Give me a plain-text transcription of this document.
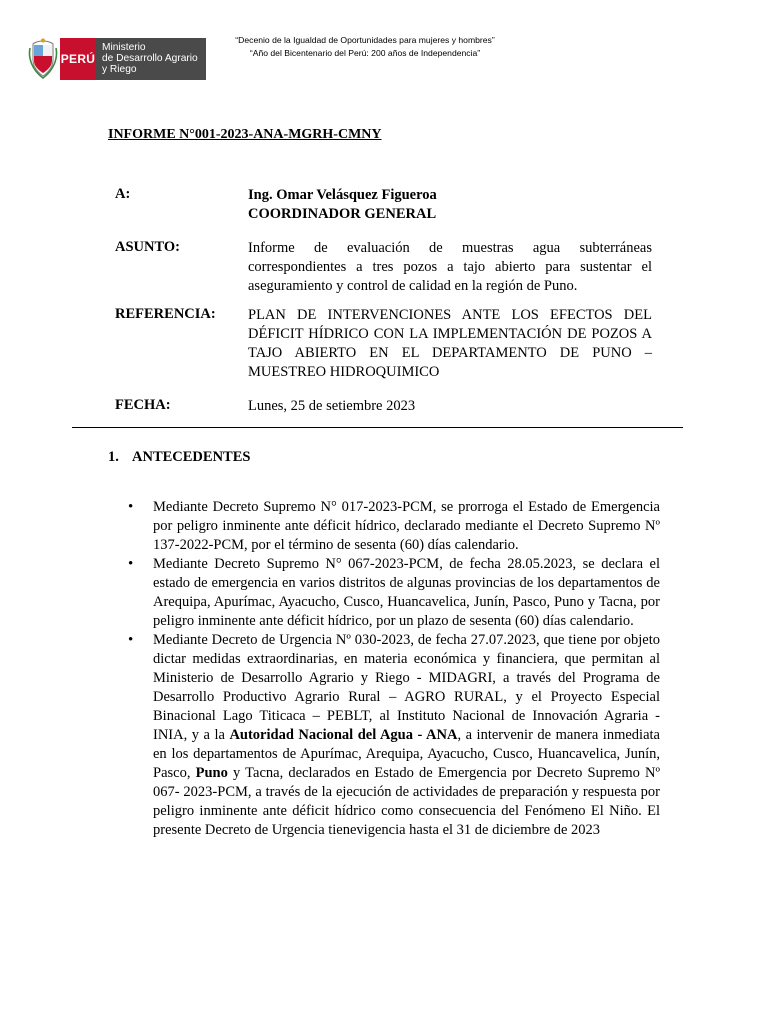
PERÚ
Ministerio
de Desarrollo Agrario
y Riego
“Decenio de la Igualdad de Oportunidades para mujeres y hombres”
“Año del Bicentenario del Perú: 200 años de Independencia”
INFORME N°001-2023-ANA-MGRH-CMNY
A:	Ing. Omar Velásquez Figueroa
COORDINADOR GENERAL
ASUNTO:	Informe de evaluación de muestras agua subterráneas correspondientes a tres pozos a tajo abierto para sustentar el aseguramiento y control de calidad en la región de Puno.
REFERENCIA: PLAN DE INTERVENCIONES ANTE LOS EFECTOS DEL DÉFICIT HÍDRICO CON LA IMPLEMENTACIÓN DE POZOS A TAJO ABIERTO EN EL DEPARTAMENTO DE PUNO – MUESTREO HIDROQUIMICO
FECHA:	Lunes, 25 de setiembre 2023
1. ANTECEDENTES
• Mediante Decreto Supremo N° 017-2023-PCM, se prorroga el Estado de Emergencia por peligro inminente ante déficit hídrico, declarado mediante el Decreto Supremo Nº 137-2022-PCM, por el término de sesenta (60) días calendario.
• Mediante Decreto Supremo N° 067-2023-PCM, de fecha 28.05.2023, se declara el estado de emergencia en varios distritos de algunas provincias de los departamentos de Arequipa, Apurímac, Ayacucho, Cusco, Huancavelica, Junín, Pasco, Puno y Tacna, por peligro inminente ante déficit hídrico, por un plazo de sesenta (60) días calendario.
• Mediante Decreto de Urgencia Nº 030-2023, de fecha 27.07.2023, que tiene por objeto dictar medidas extraordinarias, en materia económica y financiera, que permitan al Ministerio de Desarrollo Agrario y Riego - MIDAGRI, a través del Programa de Desarrollo Productivo Agrario Rural – AGRO RURAL, y el Proyecto Especial Binacional Lago Titicaca – PEBLT, al Instituto Nacional de Innovación Agraria - INIA, y a la Autoridad Nacional del Agua - ANA, a intervenir de manera inmediata en los departamentos de Apurímac, Arequipa, Ayacucho, Cusco, Huancavelica, Junín, Pasco, Puno y Tacna, declarados en Estado de Emergencia por Decreto Supremo Nº 067- 2023-PCM, a través de la ejecución de actividades de preparación y respuesta por peligro inminente ante déficit hídrico como consecuencia del Fenómeno El Niño. El presente Decreto de Urgencia tienevigencia hasta el 31 de diciembre de 2023
